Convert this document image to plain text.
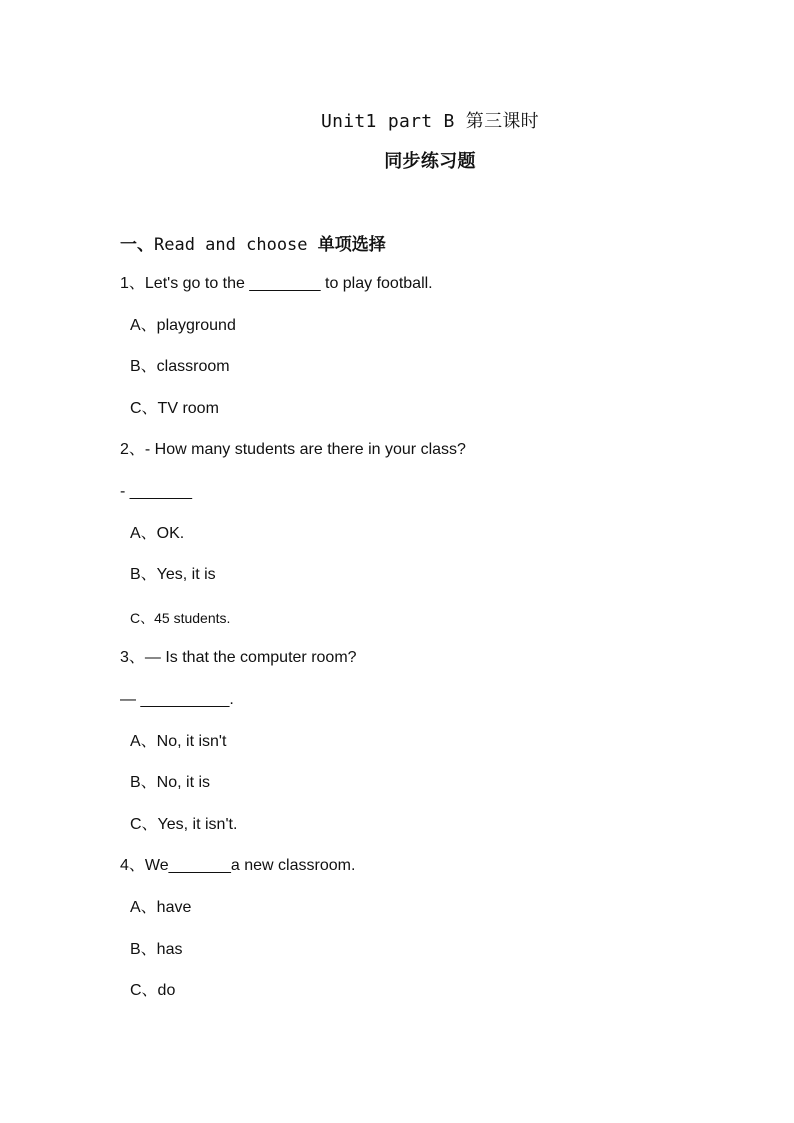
Unit1 part B 第三课时
同步练习题
一、Read and choose 单项选择
1、Let's go to the ________ to play football.
A、playground
B、classroom
C、TV room
2、- How many students are there in your class?
- _______
A、OK.
B、Yes, it is
C、45 students.
3、— Is that the computer room?
— __________.
A、No, it isn't
B、No, it is
C、Yes, it isn't.
4、We_______a new classroom.
A、have
B、has
C、do
